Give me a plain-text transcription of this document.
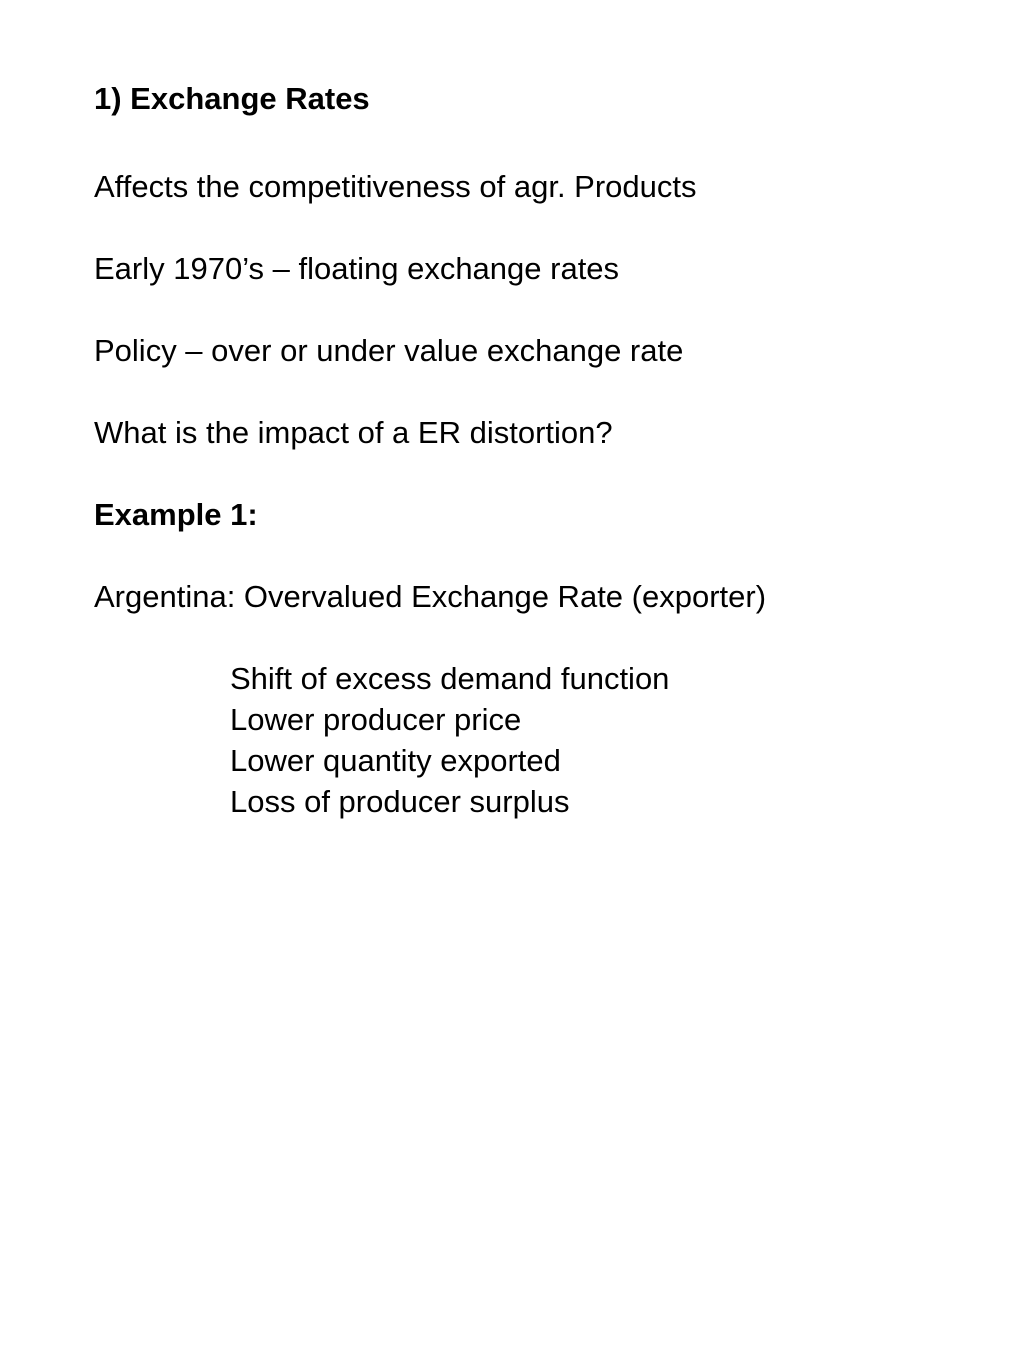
1) Exchange Rates

Affects the competitiveness of agr. Products

Early 1970’s – floating exchange rates

Policy – over or under value exchange rate

What is the impact of a ER distortion?

Example 1:

Argentina: Overvalued Exchange Rate (exporter)

Shift of excess demand function

Lower producer price

Lower quantity exported

Loss of producer surplus
